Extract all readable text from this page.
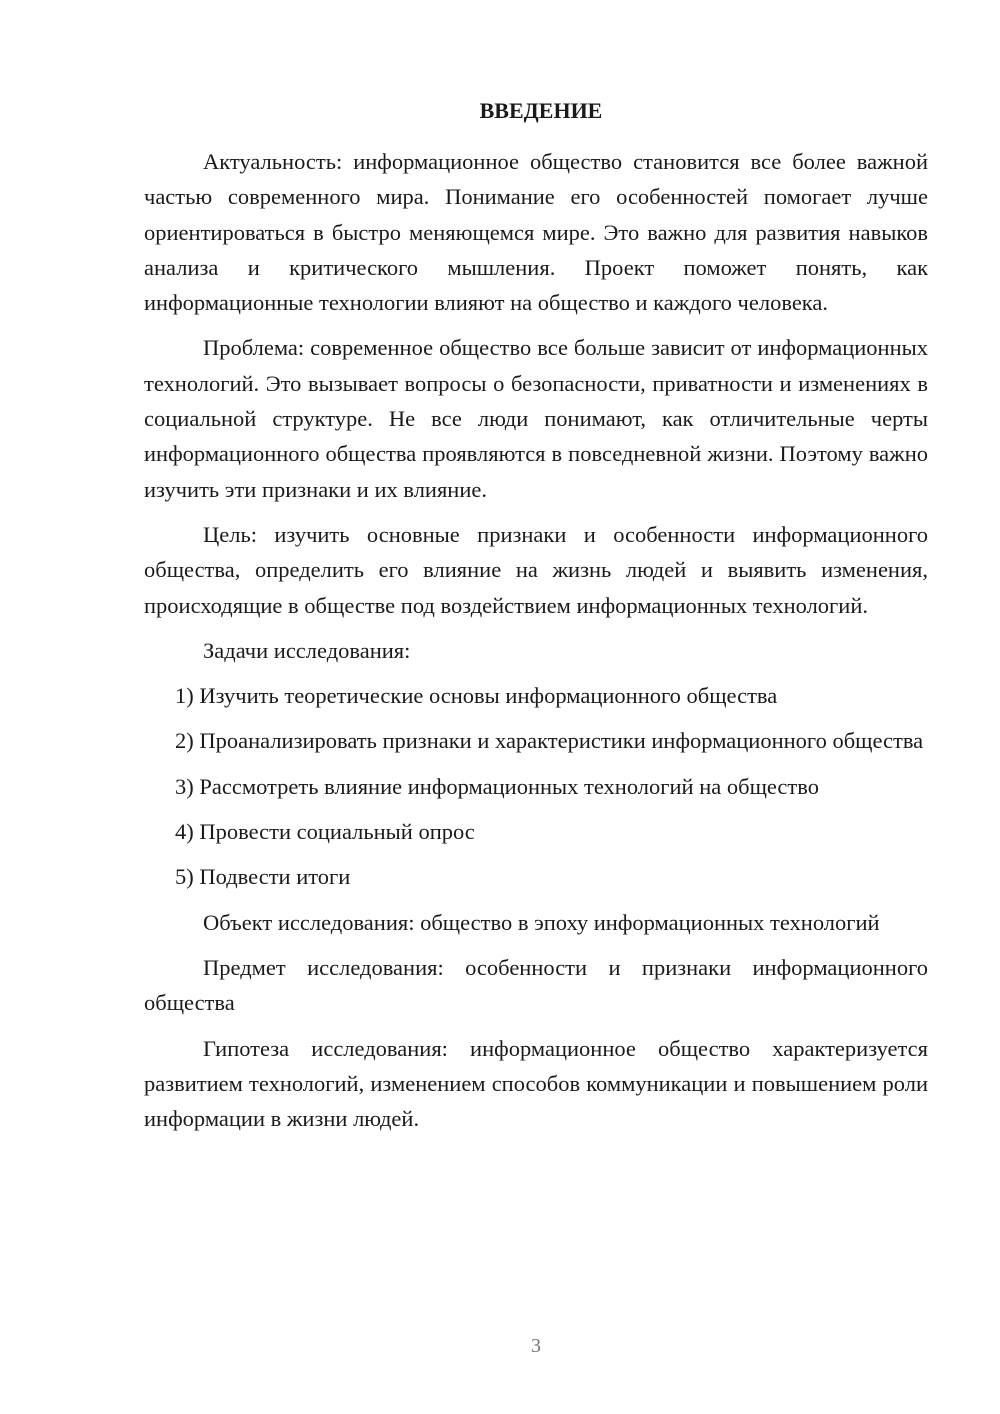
ВВЕДЕНИЕ

Актуальность: информационное общество становится все более важной частью современного мира. Понимание его особенностей помогает лучше ориентироваться в быстро меняющемся мире. Это важно для развития навыков анализа и критического мышления. Проект поможет понять, как информационные технологии влияют на общество и каждого человека.

Проблема: современное общество все больше зависит от информационных технологий. Это вызывает вопросы о безопасности, приватности и изменениях в социальной структуре. Не все люди понимают, как отличительные черты информационного общества проявляются в повседневной жизни. Поэтому важно изучить эти признаки и их влияние.

Цель: изучить основные признаки и особенности информационного общества, определить его влияние на жизнь людей и выявить изменения, происходящие в обществе под воздействием информационных технологий.

Задачи исследования:

1) Изучить теоретические основы информационного общества

2) Проанализировать признаки и характеристики информационного общества

3) Рассмотреть влияние информационных технологий на общество

4) Провести социальный опрос

5) Подвести итоги

Объект исследования: общество в эпоху информационных технологий

Предмет исследования: особенности и признаки информационного общества

Гипотеза исследования: информационное общество характеризуется развитием технологий, изменением способов коммуникации и повышением роли информации в жизни людей.

3
